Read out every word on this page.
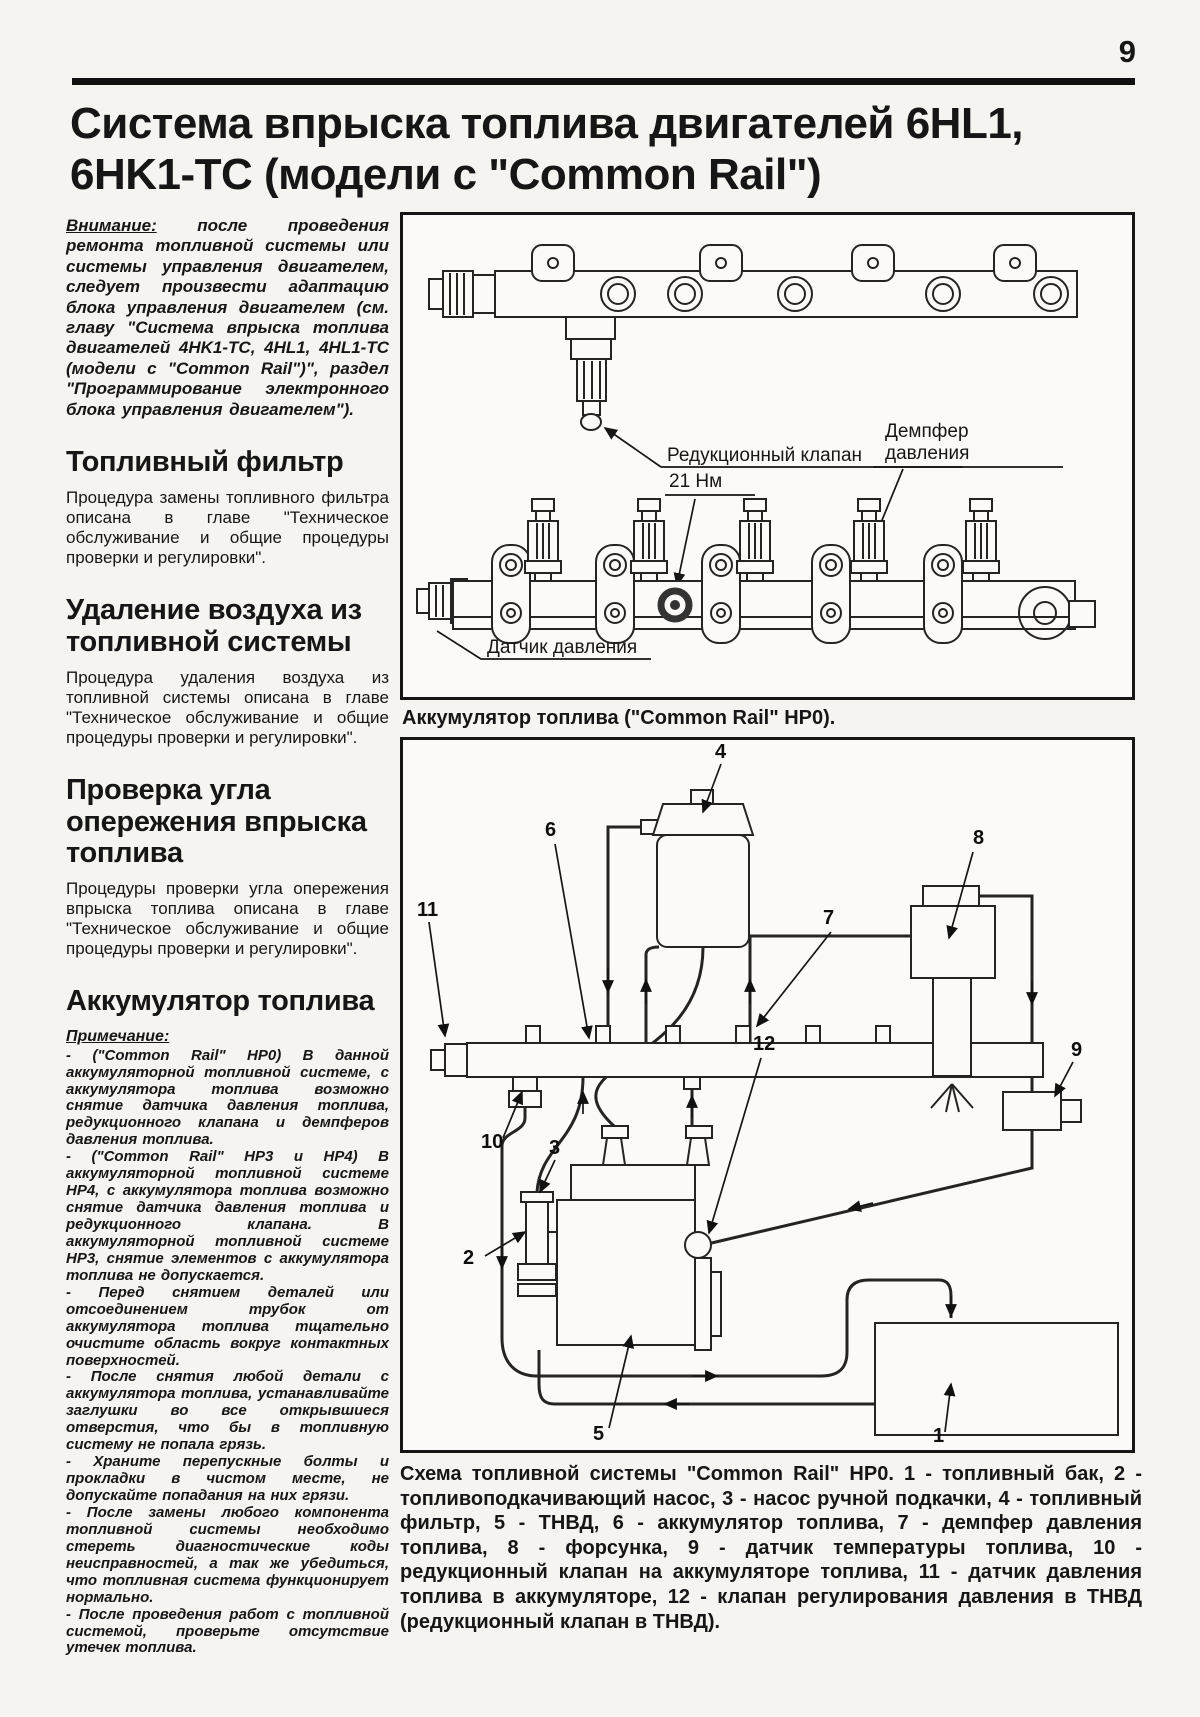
9
Система впрыска топлива двигателей 6HL1,
6HK1-TC (модели с "Common Rail")

Внимание: после проведения ремонта топливной системы или системы управления двигателем, следует произвести адаптацию блока управления двигателем (см. главу "Система впрыска топлива двигателей 4HK1-TC, 4HL1, 4HL1-TC (модели с "Common Rail")", раздел "Программирование электронного блока управления двигателем").

Топливный фильтр

Процедура замены топливного фильтра описана в главе "Техническое обслуживание и общие процедуры проверки и регулировки".

Удаление воздуха из топливной системы

Процедура удаления воздуха из топливной системы описана в главе "Техническое обслуживание и общие процедуры проверки и регулировки".

Проверка угла опережения впрыска топлива

Процедуры проверки угла опережения впрыска топлива описана в главе "Техническое обслуживание и общие процедуры проверки и регулировки".

Аккумулятор топлива
Примечание:

- ("Common Rail" HP0) В данной аккумуляторной топливной системе, с аккумулятора топлива возможно снятие датчика давления топлива, редукционного клапана и демпферов давления топлива.

- ("Common Rail" HP3 и HP4) В аккумуляторной топливной системе HP4, с аккумулятора топлива возможно снятие датчика давления топлива и редукционного клапана. В аккумуляторной топливной системе HP3, снятие элементов с аккумулятора топлива не допускается.

- Перед снятием деталей или отсоединением трубок от аккумулятора топлива тщательно очистите область вокруг контактных поверхностей.

- После снятия любой детали с аккумулятора топлива, устанавливайте заглушки во все открывшиеся отверстия, что бы в топливную систему не попала грязь.

- Храните перепускные болты и прокладки в чистом месте, не допускайте попадания на них грязи.

- После замены любого компонента топливной системы необходимо стереть диагностические коды неисправностей, а так же убедиться, что топливная система функционирует нормально.

- После проведения работ с топливной системой, проверьте отсутствие утечек топлива.

Редукционный клапан
21 Нм
Демпфер
давления
Датчик давления
Аккумулятор топлива ("Common Rail" HP0).
11
6
4
8
7
9
10 3
12
2
5	1
Схема топливной системы "Common Rail" HP0. 1 - топливный бак, 2 - топливоподкачивающий насос, 3 - насос ручной подкачки, 4 - топливный фильтр, 5 - ТНВД, 6 - аккумулятор топлива, 7 - демпфер давления топлива, 8 - форсунка, 9 - датчик температуры топлива, 10 - редукционный клапан на аккумуляторе топлива, 11 - датчик давления топлива в аккумуляторе, 12 - клапан регулирования давления в ТНВД (редукционный клапан в ТНВД).
